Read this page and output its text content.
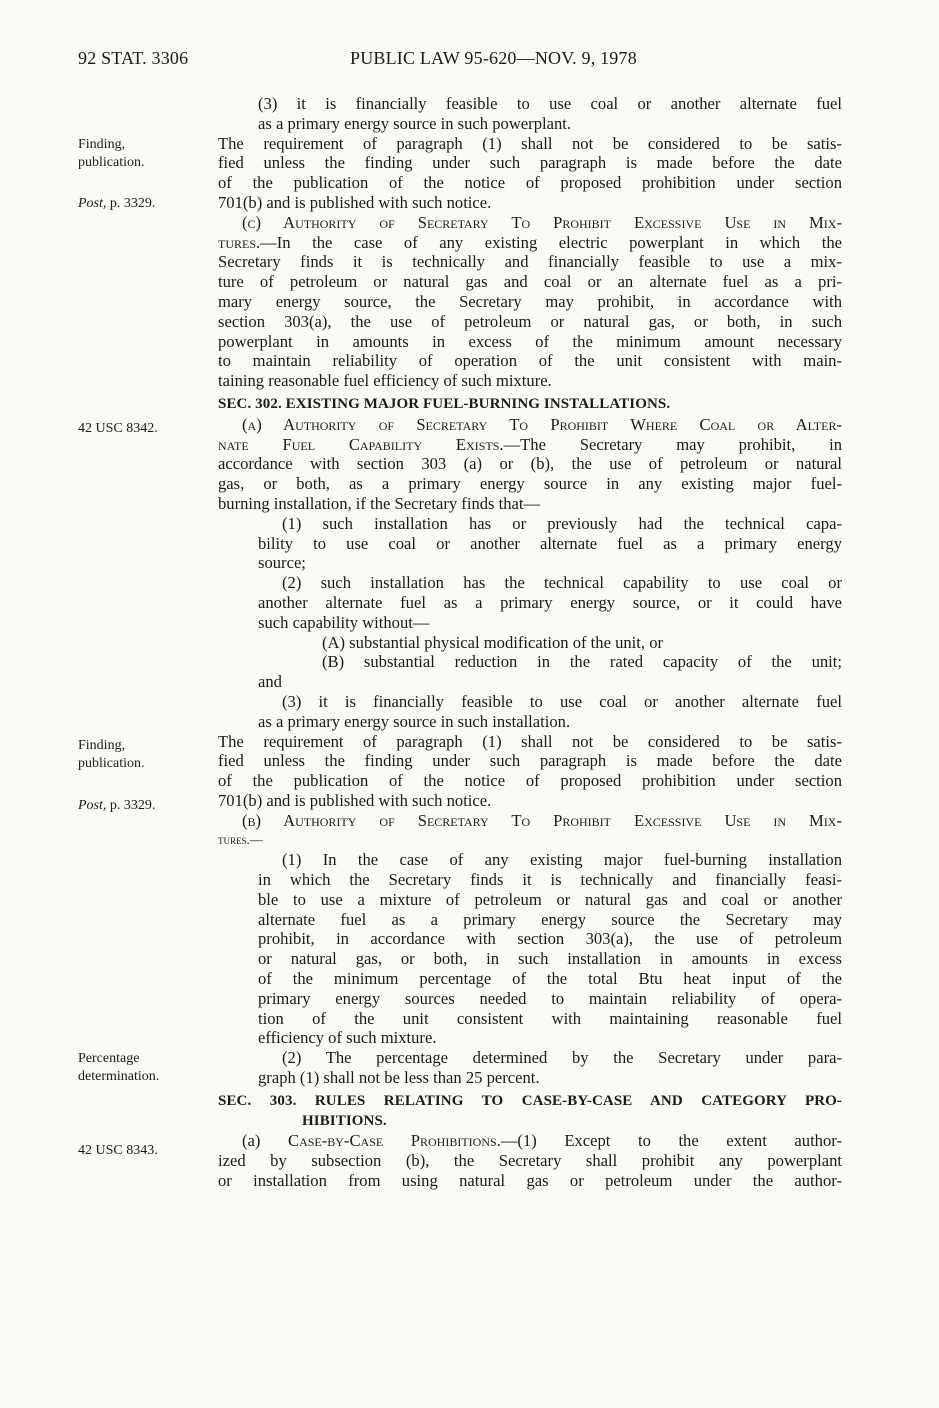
92 STAT. 3306	PUBLIC LAW 95-620—NOV. 9, 1978
Finding,
publication.
Post, p. 3329.
42 USC 8342.
Finding,
publication.
Post, p. 3329.
Percentage
determination.
42 USC 8343.
(3) it is financially feasible to use coal or another alternate fuel
as a primary energy source in such powerplant.
The requirement of paragraph (1) shall not be considered to be satis-
fied unless the finding under such paragraph is made before the date
of the publication of the notice of proposed prohibition under section
701(b) and is published with such notice.
(c) Authority of Secretary To Prohibit Excessive Use in Mix-
tures.—In the case of any existing electric powerplant in which the
Secretary finds it is technically and financially feasible to use a mix-
ture of petroleum or natural gas and coal or an alternate fuel as a pri-
mary energy source, the Secretary may prohibit, in accordance with
section 303(a), the use of petroleum or natural gas, or both, in such
powerplant in amounts in excess of the minimum amount necessary
to maintain reliability of operation of the unit consistent with main-
taining reasonable fuel efficiency of such mixture.
SEC. 302. EXISTING MAJOR FUEL-BURNING INSTALLATIONS.
(a) Authority of Secretary To Prohibit Where Coal or Alter-
nate Fuel Capability Exists.—The Secretary may prohibit, in
accordance with section 303 (a) or (b), the use of petroleum or natural
gas, or both, as a primary energy source in any existing major fuel-
burning installation, if the Secretary finds that—
(1) such installation has or previously had the technical capa-
bility to use coal or another alternate fuel as a primary energy
source;
(2) such installation has the technical capability to use coal or
another alternate fuel as a primary energy source, or it could have
such capability without—
(A) substantial physical modification of the unit, or
(B) substantial reduction in the rated capacity of the unit;
and
(3) it is financially feasible to use coal or another alternate fuel
as a primary energy source in such installation.
The requirement of paragraph (1) shall not be considered to be satis-
fied unless the finding under such paragraph is made before the date
of the publication of the notice of proposed prohibition under section
701(b) and is published with such notice.
(b) Authority of Secretary To Prohibit Excessive Use in Mix-
tures.—
(1) In the case of any existing major fuel-burning installation
in which the Secretary finds it is technically and financially feasi-
ble to use a mixture of petroleum or natural gas and coal or another
alternate fuel as a primary energy source the Secretary may
prohibit, in accordance with section 303(a), the use of petroleum
or natural gas, or both, in such installation in amounts in excess
of the minimum percentage of the total Btu heat input of the
primary energy sources needed to maintain reliability of opera-
tion of the unit consistent with maintaining reasonable fuel
efficiency of such mixture.
(2) The percentage determined by the Secretary under para-
graph (1) shall not be less than 25 percent.
SEC. 303. RULES RELATING TO CASE-BY-CASE AND CATEGORY PRO-
HIBITIONS.
(a) Case-by-Case Prohibitions.—(1) Except to the extent author-
ized by subsection (b), the Secretary shall prohibit any powerplant
or installation from using natural gas or petroleum under the author-
